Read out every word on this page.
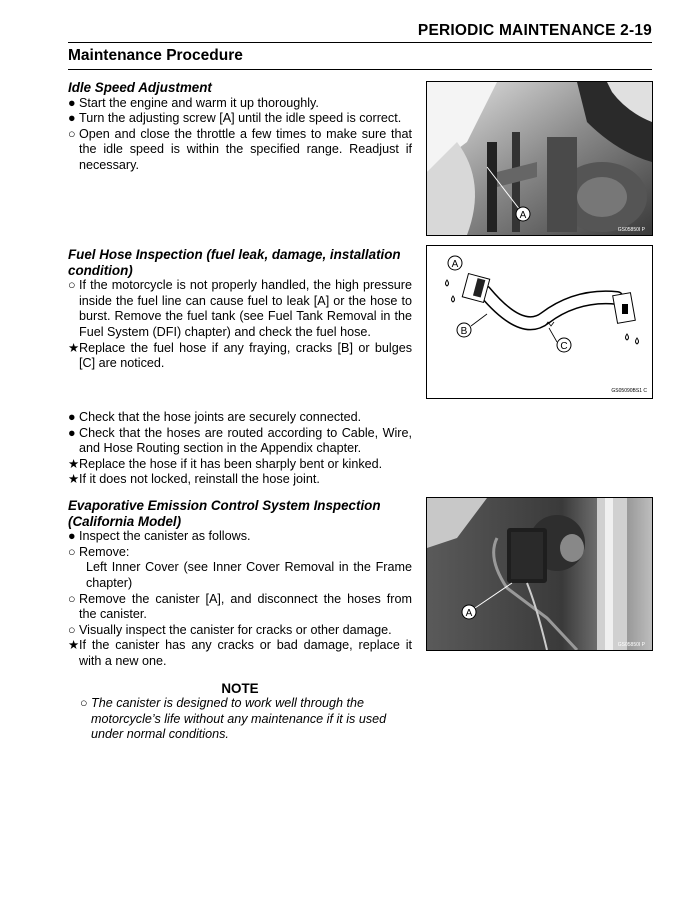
PERIODIC MAINTENANCE 2-19
Maintenance Procedure
Idle Speed Adjustment
● Start the engine and warm it up thoroughly.
● Turn the adjusting screw [A] until the idle speed is correct.
○ Open and close the throttle a few times to make sure that the idle speed is within the specified range. Readjust if necessary.
Fuel Hose Inspection (fuel leak, damage, installation condition)
○ If the motorcycle is not properly handled, the high pressure inside the fuel line can cause fuel to leak [A] or the hose to burst. Remove the fuel tank (see Fuel Tank Removal in the Fuel System (DFI) chapter) and check the fuel hose.
★ Replace the fuel hose if any fraying, cracks [B] or bulges [C] are noticed.
● Check that the hose joints are securely connected.
● Check that the hoses are routed according to Cable, Wire, and Hose Routing section in the Appendix chapter.
★ Replace the hose if it has been sharply bent or kinked.
★ If it does not locked, reinstall the hose joint.
Evaporative Emission Control System Inspection (California Model)
● Inspect the canister as follows.
○ Remove:
Left Inner Cover (see Inner Cover Removal in the Frame chapter)
○ Remove the canister [A], and disconnect the hoses from the canister.
○ Visually inspect the canister for cracks or other damage.
★ If the canister has any cracks or bad damage, replace it with a new one.
NOTE
○ The canister is designed to work well through the motorcycle’s life without any maintenance if it is used under normal conditions.
A
GS05850I P
A
B
C
GS05090BS1 C
A
GS05850I P
